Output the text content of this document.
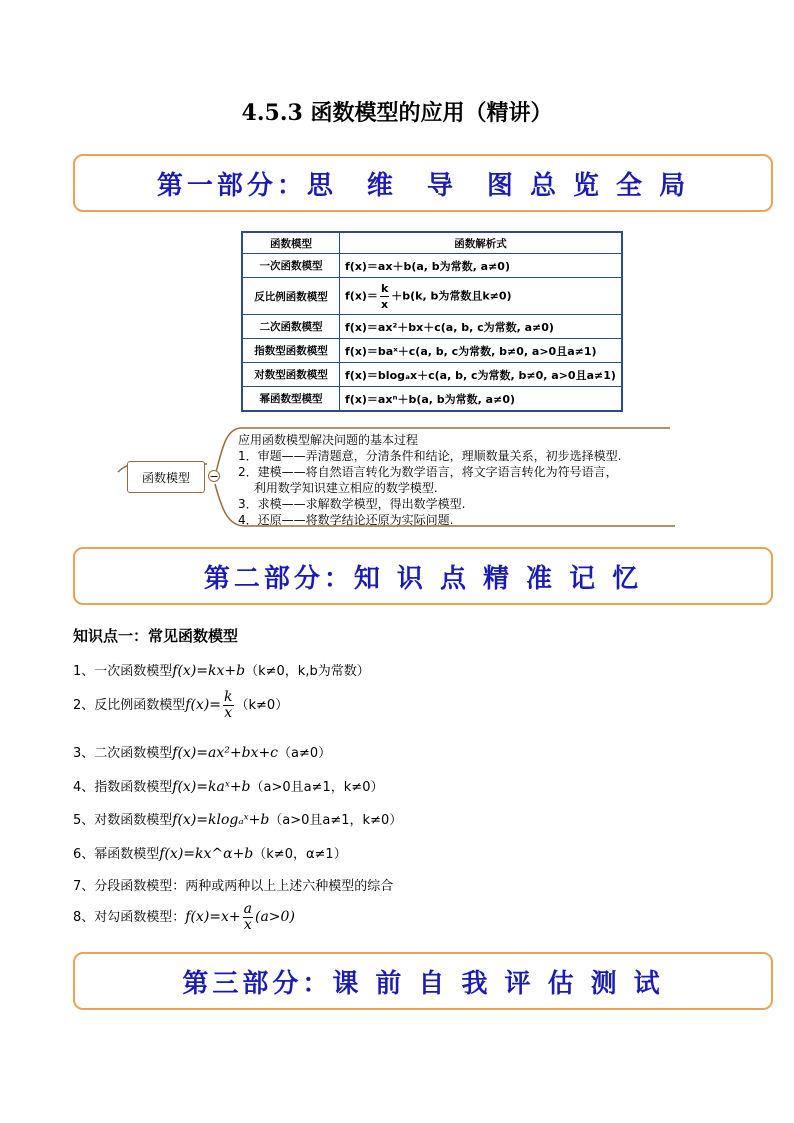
4.5.3 函数模型的应用（精讲）
第一部分：思　维　导　图 总 览 全 局
函数模型	函数解析式
一次函数模型	f(x)＝ax＋b(a, b为常数, a≠0)
反比例函数模型	$f(x)= \frac{k}{x} +b(k$, b为常数且k≠0)
二次函数模型	f(x)＝ax²＋bx＋c(a, b, c为常数, a≠0)
指数型函数模型	f(x)＝baˣ＋c(a, b, c为常数, b≠0, a>0且a≠1)
对数型函数模型	f(x)＝blogₐx＋c(a, b, c为常数, b≠0, a>0且a≠1)
幂函数型模型	f(x)＝axⁿ＋b(a, b为常数, a≠0)
函数模型	−
应用函数模型解决问题的基本过程
1．审题——弄清题意，分清条件和结论，理顺数量关系，初步选择模型.
2．建模——将自然语言转化为数学语言，将文字语言转化为符号语言，
　 利用数学知识建立相应的数学模型.
3．求模——求解数学模型，得出数学模型.
4．还原——将数学结论还原为实际问题.
第二部分：知 识 点 精 准 记 忆
知识点一：常见函数模型
1、一次函数模型f(x)=kx+b（k≠0，k,b为常数）
2、反比例函数模型$f(x)= \frac{k}{x} (k\ne 0)$
3、二次函数模型f(x)=ax²+bx+c（a≠0）
4、指数函数模型f(x)=kaˣ+b（a>0且a≠1，k≠0）
5、对数函数模型f(x)=klogₐˣ+b（a>0且a≠1，k≠0）
6、幂函数模型f(x)=kx^α+b（k≠0，α≠1）
7、分段函数模型：两种或两种以上上述六种模型的综合
8、对勾函数模型：$f(x)=x+ \frac{a}{x} (a>0)$
第三部分：课 前 自 我 评 估 测 试
